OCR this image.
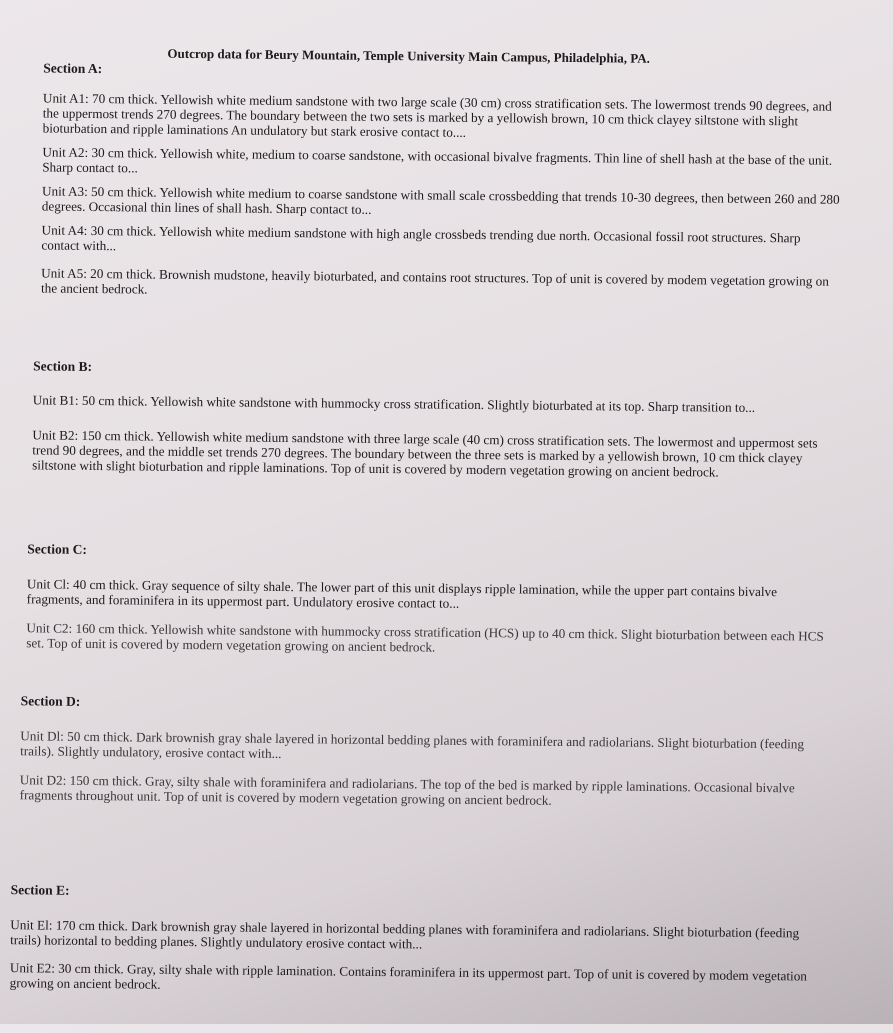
Outcrop data for Beury Mountain, Temple University Main Campus, Philadelphia, PA.
Section A:

Unit A1: 70 cm thick. Yellowish white medium sandstone with two large scale (30 cm) cross stratification sets. The lowermost trends 90 degrees, and the uppermost trends 270 degrees. The boundary between the two sets is marked by a yellowish brown, 10 cm thick clayey siltstone with slight bioturbation and ripple laminations An undulatory but stark erosive contact to....

Unit A2: 30 cm thick. Yellowish white, medium to coarse sandstone, with occasional bivalve fragments. Thin line of shell hash at the base of the unit. Sharp contact to...

Unit A3: 50 cm thick. Yellowish white medium to coarse sandstone with small scale crossbedding that trends 10-30 degrees, then between 260 and 280 degrees. Occasional thin lines of shall hash. Sharp contact to...

Unit A4: 30 cm thick. Yellowish white medium sandstone with high angle crossbeds trending due north. Occasional fossil root structures. Sharp contact with...

Unit A5: 20 cm thick. Brownish mudstone, heavily bioturbated, and contains root structures. Top of unit is covered by modem vegetation growing on the ancient bedrock.

Section B:

Unit B1: 50 cm thick. Yellowish white sandstone with hummocky cross stratification. Slightly bioturbated at its top. Sharp transition to...

Unit B2: 150 cm thick. Yellowish white medium sandstone with three large scale (40 cm) cross stratification sets. The lowermost and uppermost sets trend 90 degrees, and the middle set trends 270 degrees. The boundary between the three sets is marked by a yellowish brown, 10 cm thick clayey siltstone with slight bioturbation and ripple laminations. Top of unit is covered by modern vegetation growing on ancient bedrock.

Section C:

Unit Cl: 40 cm thick. Gray sequence of silty shale. The lower part of this unit displays ripple lamination, while the upper part contains bivalve fragments, and foraminifera in its uppermost part. Undulatory erosive contact to...

Unit C2: 160 cm thick. Yellowish white sandstone with hummocky cross stratification (HCS) up to 40 cm thick. Slight bioturbation between each HCS set. Top of unit is covered by modern vegetation growing on ancient bedrock.

Section D:

Unit Dl: 50 cm thick. Dark brownish gray shale layered in horizontal bedding planes with foraminifera and radiolarians. Slight bioturbation (feeding trails). Slightly undulatory, erosive contact with...

Unit D2: 150 cm thick. Gray, silty shale with foraminifera and radiolarians. The top of the bed is marked by ripple laminations. Occasional bivalve fragments throughout unit. Top of unit is covered by modern vegetation growing on ancient bedrock.

Section E:

Unit El: 170 cm thick. Dark brownish gray shale layered in horizontal bedding planes with foraminifera and radiolarians. Slight bioturbation (feeding trails) horizontal to bedding planes. Slightly undulatory erosive contact with...

Unit E2: 30 cm thick. Gray, silty shale with ripple lamination. Contains foraminifera in its uppermost part. Top of unit is covered by modem vegetation growing on ancient bedrock.
